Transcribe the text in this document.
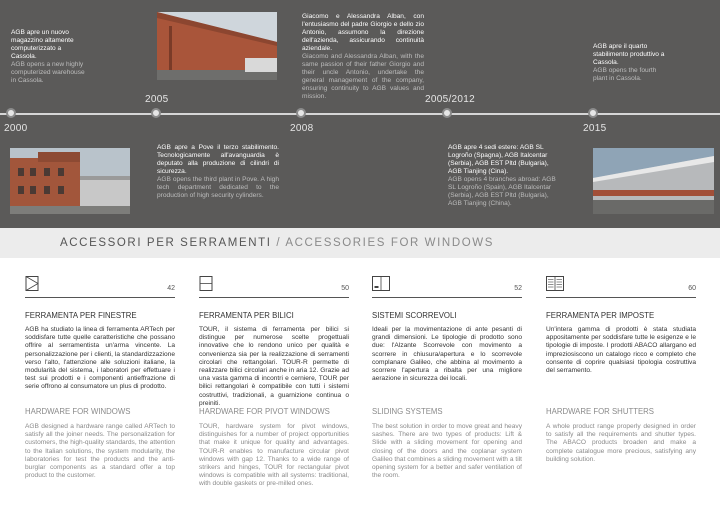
2000
2005
2008
2005/2012
2015
AGB apre un nuovo magazzino altamente computerizzato a Cassola.
AGB opens a new highly computerized warehouse in Cassola.
AGB apre a Pove il terzo stabilimento. Tecnologicamente all'avanguardia è deputato alla produzione di cilindri di sicurezza.
AGB opens the third plant in Pove. A high tech department dedicated to the production of high security cylinders.
Giacomo e Alessandra Alban, con l'entusiasmo del padre Giorgio e dello zio Antonio, assumono la direzione dell'azienda, assicurando continuità aziendale.
Giacomo and Alessandra Alban, with the same passion of their father Giorgio and their uncle Antonio, undertake the general management of the company, ensuring continuity to AGB values and mission.
AGB apre 4 sedi estere: AGB SL Logroño (Spagna), AGB Italcentar (Serbia), AGB EST Pltd (Bulgaria), AGB Tianjing (Cina).
AGB opens 4 branches abroad: AGB SL Logroño (Spain), AGB Italcentar (Serbia), AGB EST Pltd (Bulgaria), AGB Tianjing (China).
AGB apre il quarto stabilimento produttivo a Cassola.
AGB opens the fourth plant in Cassola.
ACCESSORI PER SERRAMENTI / ACCESSORIES FOR WINDOWS
42
FERRAMENTA PER FINESTRE
AGB ha studiato la linea di ferramenta ARTech per soddisfare tutte quelle caratteristiche che possano offrire al serramentista un'arma vincente. La personalizzazione per i clienti, la standardizzazione verso l'alto, l'attenzione alle soluzioni italiane, la modularità del sistema, i laboratori per effettuare i test sui prodotti e i componenti antieffrazione di serie offrono al consumatore un plus di prodotto.
HARDWARE FOR WINDOWS
AGB designed a hardware range called ARTech to satisfy all the joiner needs. The personalization for customers, the high-quality standards, the attention to the Italian solutions, the system modularity, the laboratories for test the products and the anti-burglar components as a standard offer a top product to the customer.
50
FERRAMENTA PER BILICI
TOUR, il sistema di ferramenta per bilici si distingue per numerose scelte progettuali innovative che lo rendono unico per qualità e convenienza sia per la realizzazione di serramenti circolari che rettangolari. TOUR-R permette di realizzare bilici circolari anche in aria 12. Grazie ad una vasta gamma di incontri e cerniere, TOUR per bilici rettangolari è compatibile con tutti i sistemi costruttivi, tradizionali, a guarnizione continua o preiniti.
HARDWARE FOR PIVOT WINDOWS
TOUR, hardware system for pivot windows, distinguishes for a number of project opportunities that make it unique for quality and advantages. TOUR-R enables to manufacture circular pivot windows with gap 12. Thanks to a wide range of strikers and hinges, TOUR for rectangular pivot windows is compatible with all systems: traditional, with double gaskets or pre-milled ones.
52
SISTEMI SCORREVOLI
Ideali per la movimentazione di ante pesanti di grandi dimensioni. Le tipologie di prodotto sono due: l'Alzante Scorrevole con movimento a scorrere in chiusura/apertura e lo scorrevole complanare Galileo, che abbina al movimento a scorrere l'apertura a ribalta per una migliore aerazione in sicurezza dei locali.
SLIDING SYSTEMS
The best solution in order to move great and heavy sashes. There are two types of products: Lift & Slide with a sliding movement for opening and closing of the doors and the coplanar system Galileo that combines a sliding movement with a tilt opening system for a better and safer ventilation of the room.
60
FERRAMENTA PER IMPOSTE
Un'intera gamma di prodotti è stata studiata appositamente per soddisfare tutte le esigenze e le tipologie di imposte. I prodotti ABACO allargano ed impreziosiscono un catalogo ricco e completo che consente di coprire qualsiasi tipologia costruttiva del serramento.
HARDWARE FOR SHUTTERS
A whole product range properly designed in order to satisfy all the requirements and shutter types. The ABACO products broaden and make a complete catalogue more precious, satisfying any building solution.
